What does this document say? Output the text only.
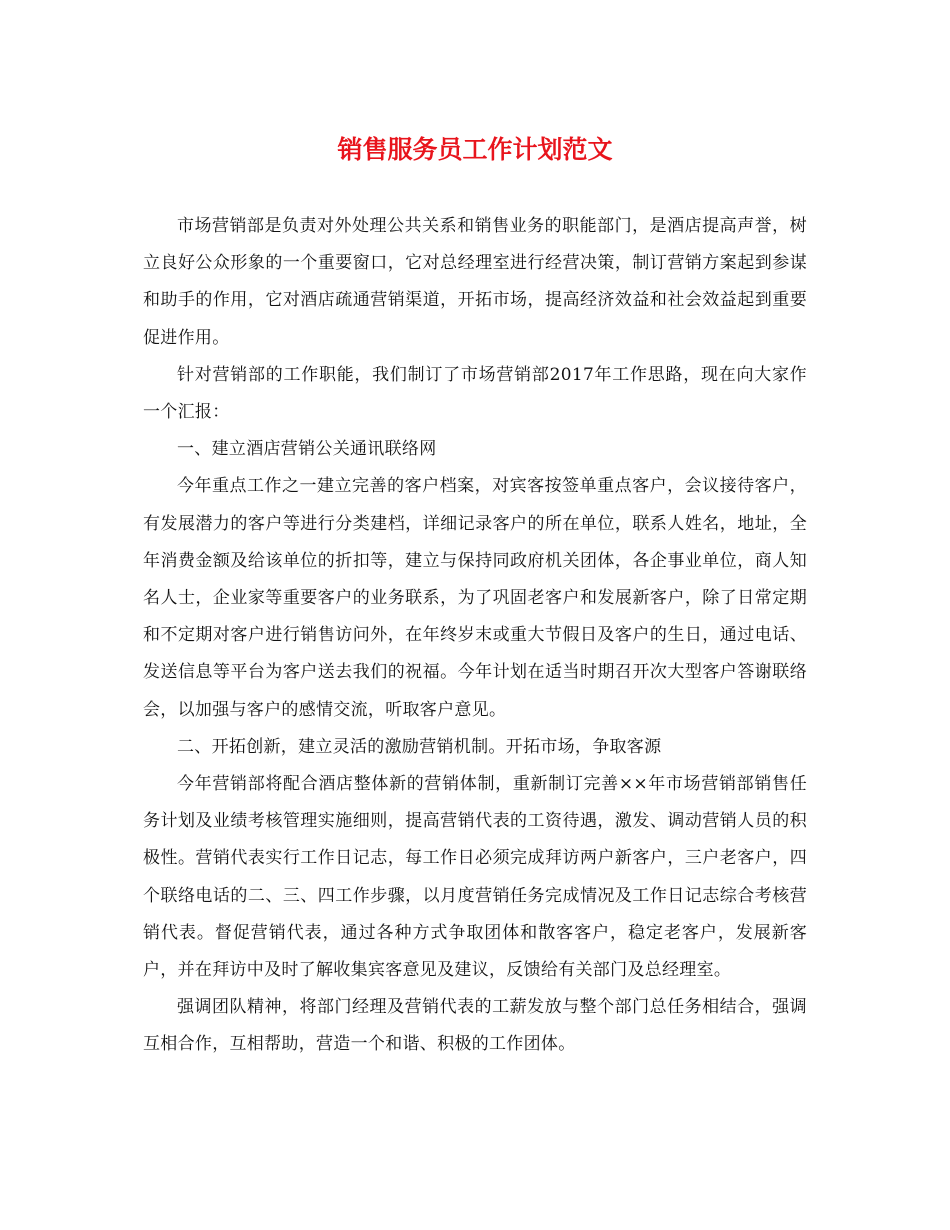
销售服务员工作计划范文

市场营销部是负责对外处理公共关系和销售业务的职能部门，是酒店提高声誉，树立良好公众形象的一个重要窗口，它对总经理室进行经营决策，制订营销方案起到参谋和助手的作用，它对酒店疏通营销渠道，开拓市场，提高经济效益和社会效益起到重要促进作用。

针对营销部的工作职能，我们制订了市场营销部2017年工作思路，现在向大家作一个汇报：

一、建立酒店营销公关通讯联络网

今年重点工作之一建立完善的客户档案，对宾客按签单重点客户，会议接待客户，有发展潜力的客户等进行分类建档，详细记录客户的所在单位，联系人姓名，地址，全年消费金额及给该单位的折扣等，建立与保持同政府机关团体，各企事业单位，商人知名人士，企业家等重要客户的业务联系，为了巩固老客户和发展新客户，除了日常定期和不定期对客户进行销售访问外，在年终岁末或重大节假日及客户的生日，通过电话、发送信息等平台为客户送去我们的祝福。今年计划在适当时期召开次大型客户答谢联络会，以加强与客户的感情交流，听取客户意见。

二、开拓创新，建立灵活的激励营销机制。开拓市场，争取客源

今年营销部将配合酒店整体新的营销体制，重新制订完善××年市场营销部销售任务计划及业绩考核管理实施细则，提高营销代表的工资待遇，激发、调动营销人员的积极性。营销代表实行工作日记志，每工作日必须完成拜访两户新客户，三户老客户，四个联络电话的二、三、四工作步骤，以月度营销任务完成情况及工作日记志综合考核营销代表。督促营销代表，通过各种方式争取团体和散客客户，稳定老客户，发展新客户，并在拜访中及时了解收集宾客意见及建议，反馈给有关部门及总经理室。

强调团队精神，将部门经理及营销代表的工薪发放与整个部门总任务相结合，强调互相合作，互相帮助，营造一个和谐、积极的工作团体。
